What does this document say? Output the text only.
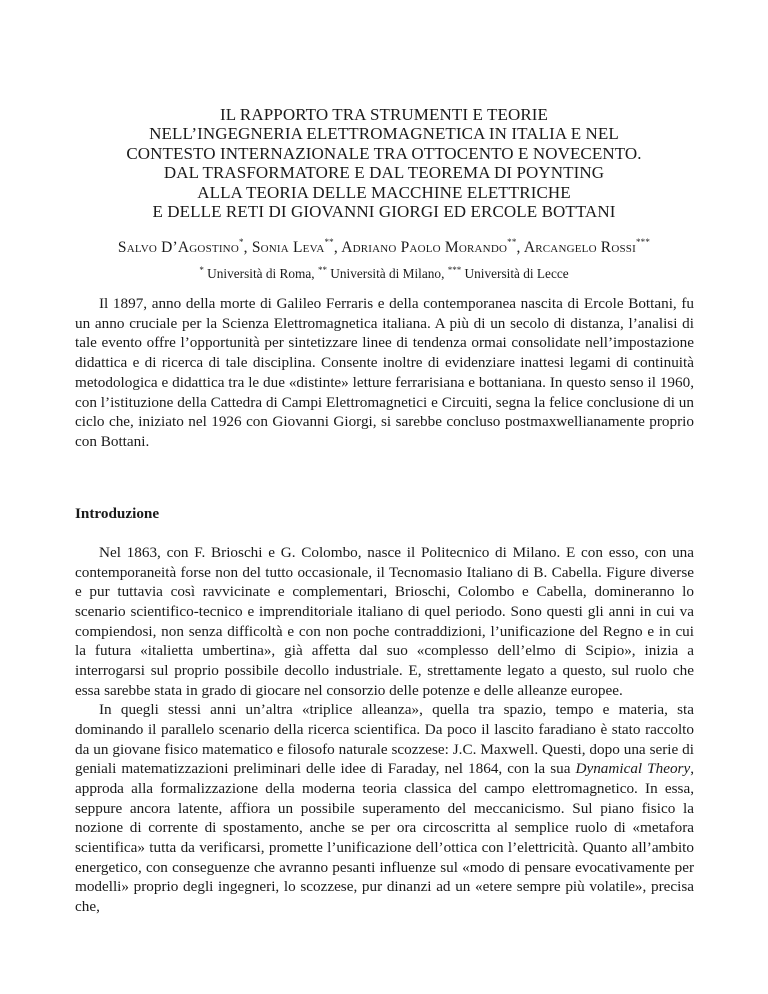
IL RAPPORTO TRA STRUMENTI E TEORIE
NELL’INGEGNERIA ELETTROMAGNETICA IN ITALIA E NEL
CONTESTO INTERNAZIONALE TRA OTTOCENTO E NOVECENTO.
DAL TRASFORMATORE E DAL TEOREMA DI POYNTING
ALLA TEORIA DELLE MACCHINE ELETTRICHE
E DELLE RETI DI GIOVANNI GIORGI ED ERCOLE BOTTANI
Salvo D’Agostino*, Sonia Leva**, Adriano Paolo Morando**, Arcangelo Rossi***
* Università di Roma, ** Università di Milano, *** Università di Lecce

Il 1897, anno della morte di Galileo Ferraris e della contemporanea nascita di Ercole Bottani, fu un anno cruciale per la Scienza Elettromagnetica italiana. A più di un secolo di distanza, l’analisi di tale evento offre l’opportunità per sintetizzare linee di tendenza ormai consolidate nell’impostazione didattica e di ricerca di tale disciplina. Consente inoltre di evidenziare inattesi legami di continuità metodologica e didattica tra le due «distinte» letture ferrarisiana e bottaniana. In questo senso il 1960, con l’istituzione della Cattedra di Campi Elettromagnetici e Circuiti, segna la felice conclusione di un ciclo che, iniziato nel 1926 con Giovanni Giorgi, si sarebbe concluso postmaxwellianamente proprio con Bottani.

Introduzione

Nel 1863, con F. Brioschi e G. Colombo, nasce il Politecnico di Milano. E con esso, con una contemporaneità forse non del tutto occasionale, il Tecnomasio Italiano di B. Cabella. Figure diverse e pur tuttavia così ravvicinate e complementari, Brioschi, Colombo e Cabella, domineranno lo scenario scientifico-tecnico e imprenditoriale italiano di quel periodo. Sono questi gli anni in cui va compiendosi, non senza difficoltà e con non poche contraddizioni, l’unificazione del Regno e in cui la futura «italietta umbertina», già affetta dal suo «complesso dell’elmo di Scipio», inizia a interrogarsi sul proprio possibile decollo industriale. E, strettamente legato a questo, sul ruolo che essa sarebbe stata in grado di giocare nel consorzio delle potenze e delle alleanze europee.

In quegli stessi anni un’altra «triplice alleanza», quella tra spazio, tempo e materia, sta dominando il parallelo scenario della ricerca scientifica. Da poco il lascito faradiano è stato raccolto da un giovane fisico matematico e filosofo naturale scozzese: J.C. Maxwell. Questi, dopo una serie di geniali matematizzazioni preliminari delle idee di Faraday, nel 1864, con la sua Dynamical Theory, approda alla formalizzazione della moderna teoria classica del campo elettromagnetico. In essa, seppure ancora latente, affiora un possibile superamento del meccanicismo. Sul piano fisico la nozione di corrente di spostamento, anche se per ora circoscritta al semplice ruolo di «metafora scientifica» tutta da verificarsi, promette l’unificazione dell’ottica con l’elettricità. Quanto all’ambito energetico, con conseguenze che avranno pesanti influenze sul «modo di pensare evocativamente per modelli» proprio degli ingegneri, lo scozzese, pur dinanzi ad un «etere sempre più volatile», precisa che,
